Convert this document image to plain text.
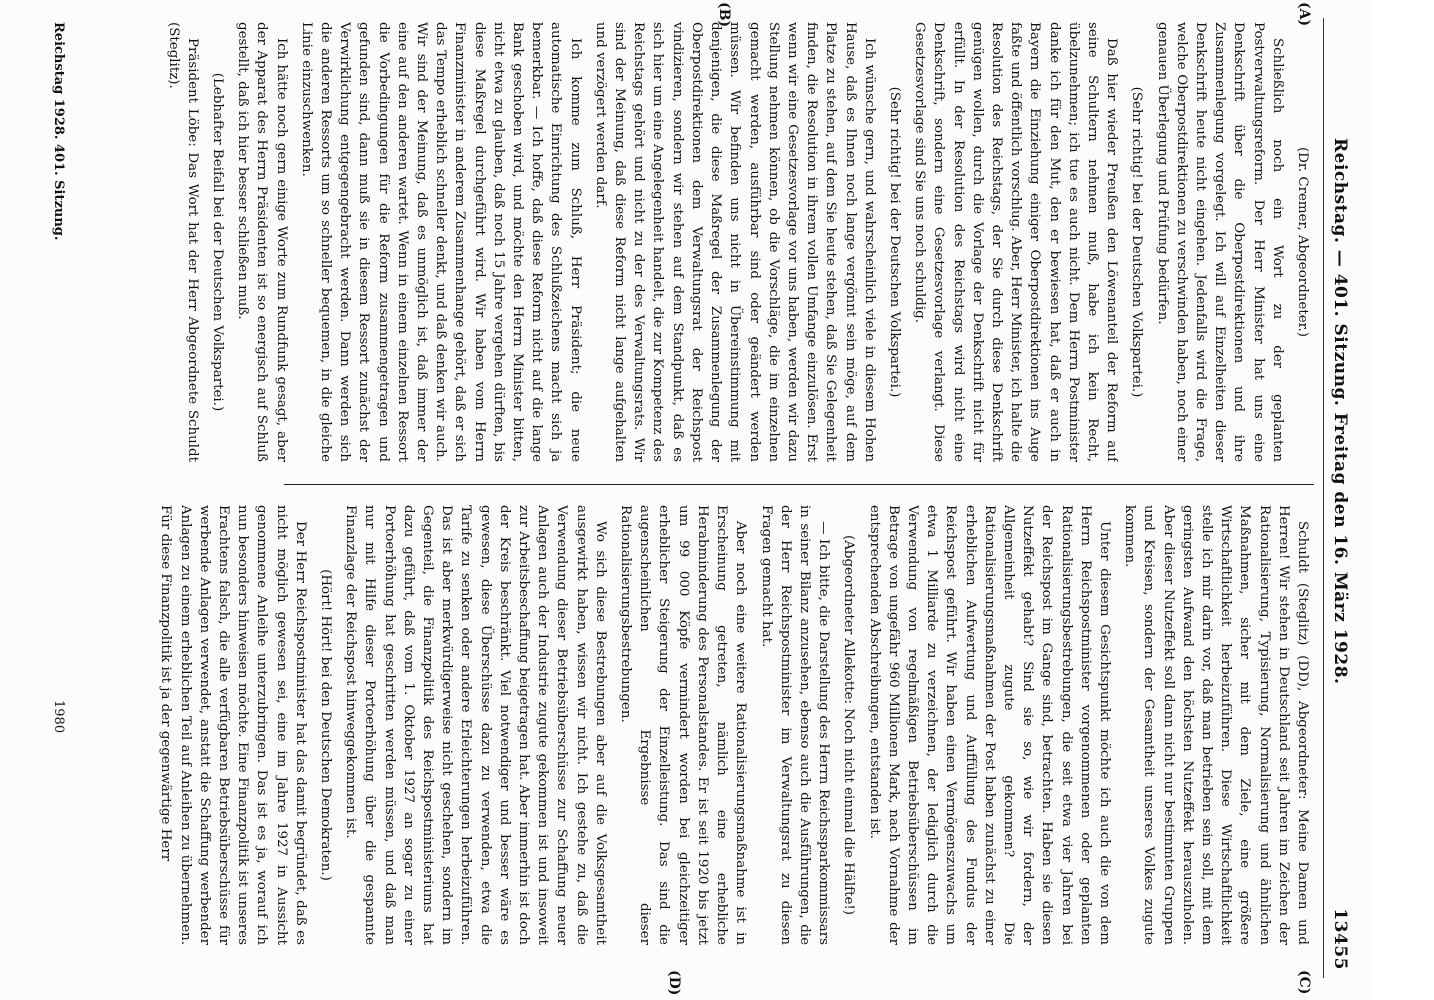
Reichstag. — 401. Sitzung. Freitag den 16. März 1928.
13455
(A)
(B)
(C)
(D)

(Dr. Cremer, Abgeordneter.)

Schließlich noch ein Wort zu der geplanten Postverwaltungsreform. Der Herr Minister hat uns eine Denkschrift über die Oberpostdirektionen und ihre Zusammenlegung vorgelegt. Ich will auf Einzelheiten dieser Denkschrift heute nicht eingehen. Jedenfalls wird die Frage, welche Oberpostdirektionen zu verschwinden haben, noch einer genauen Überlegung und Prüfung bedürfen.

(Sehr richtig! bei der Deutschen Volkspartei.)

Daß hier wieder Preußen den Löwenanteil der Reform auf seine Schultern nehmen muß, habe ich kein Recht, übelzunehmen; ich tue es auch nicht. Dem Herrn Postminister danke ich für den Mut, den er bewiesen hat, daß er auch in Bayern die Einziehung einiger Oberpostdirektionen ins Auge faßte und öffentlich vorschlug. Aber, Herr Minister, ich halte die Resolution des Reichstags, der Sie durch diese Denkschrift genügen wollen, durch die Vorlage der Denkschrift nicht für erfüllt. In der Resolution des Reichstags wird nicht eine Denkschrift, sondern eine Gesetzesvorlage verlangt. Diese Gesetzesvorlage sind Sie uns noch schuldig.

(Sehr richtig! bei der Deutschen Volkspartei.)

Ich wünsche gern, und wahrscheinlich viele in diesem Hohen Hause, daß es Ihnen noch lange vergönnt sein möge, auf dem Platze zu stehen, auf dem Sie heute stehen, daß Sie Gelegenheit finden, die Resolution in ihrem vollen Umfange einzulösen. Erst wenn wir eine Gesetzesvorlage vor uns haben, werden wir dazu Stellung nehmen können, ob die Vorschläge, die im einzelnen gemacht werden, ausführbar sind oder geändert werden müssen. Wir befinden uns nicht in Übereinstimmung mit denjenigen, die diese Maßregel der Zusammenlegung der Oberpostdirektionen dem Verwaltungsrat der Reichspost vindizieren, sondern wir stehen auf dem Standpunkt, daß es sich hier um eine Angelegenheit handelt, die zur Kompetenz des Reichstags gehört und nicht zu der des Verwaltungsrats. Wir sind der Meinung, daß diese Reform nicht lange aufgehalten und verzögert werden darf.

Ich komme zum Schluß, Herr Präsident; die neue automatische Einrichtung des Schlußzeichens macht sich ja bemerkbar. — Ich hoffe, daß diese Reform nicht auf die lange Bank geschoben wird, und möchte den Herrn Minister bitten, nicht etwa zu glauben, daß noch 15 Jahre vergehen dürften, bis diese Maßregel durchgeführt wird. Wir haben vom Herrn Finanzminister in anderem Zusammenhange gehört, daß er sich das Tempo erheblich schneller denkt, und daß denken wir auch. Wir sind der Meinung, daß es unmöglich ist, daß immer der eine auf den anderen wartet. Wenn in einem einzelnen Ressort die Vorbedingungen für die Reform zusammengetragen und gefunden sind, dann muß sie in diesem Ressort zunächst der Verwirklichung entgegengebracht werden. Dann werden sich die anderen Ressorts um so schneller bequemen, in die gleiche Linie einzuschwenken.

Ich hätte noch gern einige Worte zum Rundfunk gesagt, aber der Apparat des Herrn Präsidenten ist so energisch auf Schluß gestellt, daß ich hier besser schließen muß.

(Lebhafter Beifall bei der Deutschen Volkspartei.)

Präsident Löbe: Das Wort hat der Herr Abgeordnete Schuldt (Steglitz).

Schuldt (Steglitz) (DD), Abgeordneter: Meine Damen und Herren! Wir stehen in Deutschland seit Jahren im Zeichen der Rationalisierung, Typisierung, Normalisierung und ähnlichen Maßnahmen, sicher mit dem Ziele, eine größere Wirtschaftlichkeit herbeizuführen. Diese Wirtschaftlichkeit stelle ich mir darin vor, daß man betrieben sein soll, mit dem geringsten Aufwand den höchsten Nutzeffekt herauszuholen. Aber dieser Nutzeffekt soll dann nicht nur bestimmten Gruppen und Kreisen, sondern der Gesamtheit unseres Volkes zugute kommen.

Unter diesem Gesichtspunkt möchte ich auch die von dem Herrn Reichspostminister vorgenommenen oder geplanten Rationalisierungsbestrebungen, die seit etwa vier Jahren bei der Reichspost im Gange sind, betrachten. Haben sie diesen Nutzeffekt gehabt? Sind sie so, wie wir fordern, der Allgemeinheit zugute gekommen? Die Rationalisierungsmaßnahmen der Post haben zunächst zu einer erheblichen Aufwertung und Auffüllung des Fundus der Reichspost geführt. Wir haben einen Vermögenszuwachs um etwa 1 Milliarde zu verzeichnen, der lediglich durch die Verwendung von regelmäßigen Betriebsüberschüssen im Betrage von ungefähr 960 Millionen Mark, nach Vornahme der entsprechenden Abschreibungen, entstanden ist.

(Abgeordneter Allekotte: Noch nicht einmal die Hälfte!)

— Ich bitte, die Darstellung des Herrn Reichssparkommissars in seiner Bilanz anzusehen, ebenso auch die Ausführungen, die der Herr Reichspostminister im Verwaltungsrat zu diesen Fragen gemacht hat.

Aber noch eine weitere Rationalisierungsmaßnahme ist in Erscheinung getreten, nämlich eine erhebliche Herabminderung des Personalstandes. Er ist seit 1920 bis jetzt um 99 000 Köpfe vermindert worden bei gleichzeitiger erheblicher Steigerung der Einzelleistung. Das sind die augenscheinlichen Ergebnisse dieser Rationalisierungsbestrebungen.

Wo sich diese Bestrebungen aber auf die Volksgesamtheit ausgewirkt haben, wissen wir nicht. Ich gestehe zu, daß die Verwendung dieser Betriebsüberschüsse zur Schaffung neuer Anlagen auch der Industrie zugute gekommen ist und insoweit zur Arbeitsbeschaffung beigetragen hat. Aber immerhin ist doch der Kreis beschränkt. Viel notwendiger und besser wäre es gewesen, diese Überschüsse dazu zu verwenden, etwa die Tarife zu senken oder andere Erleichterungen herbeizuführen. Das ist aber merkwürdigerweise nicht geschehen, sondern im Gegenteil, die Finanzpolitik des Reichspostministeriums hat dazu geführt, daß vom 1. Oktober 1927 an sogar zu einer Portoerhöhung hat geschritten werden müssen, und daß man nur mit Hilfe dieser Portoerhöhung über die gespannte Finanzlage der Reichspost hinweggekommen ist.

(Hört! Hört! bei den Deutschen Demokraten.)

Der Herr Reichspostminister hat das damit begründet, daß es nicht möglich gewesen sei, eine im Jahre 1927 in Aussicht genommene Anleihe unterzubringen. Das ist es ja, worauf ich nun besonders hinweisen möchte. Eine Finanzpolitik ist unseres Erachtens falsch, die alle verfügbaren Betriebsüberschüsse für werbende Anlagen verwendet, anstatt die Schaffung werbender Anlagen zu einem erheblichen Teil auf Anleihen zu übernehmen. Für diese Finanzpolitik ist ja der gegenwärtige Herr

Reichstag 1928. 401. Sitzung.
1980
